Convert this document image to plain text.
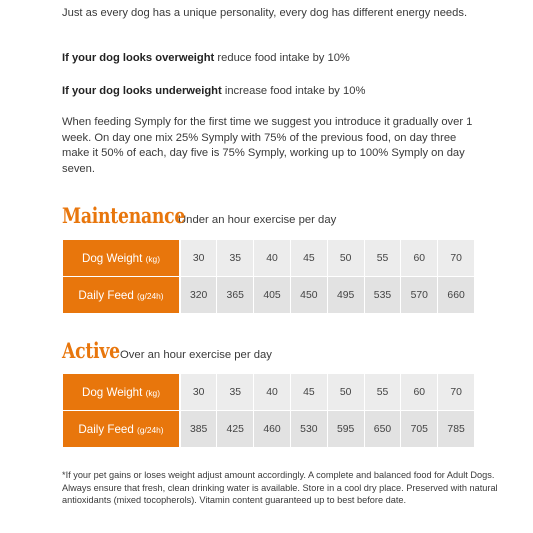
Just as every dog has a unique personality, every dog has different energy needs.

If your dog looks overweight reduce food intake by 10%

If your dog looks underweight increase food intake by 10%

When feeding Symply for the first time we suggest you introduce it gradually over 1 week. On day one mix 25% Symply with 75% of the previous food, on day three make it 50% of each, day five is 75% Symply, working up to 100% Symply on day seven.

Maintenance
Under an hour exercise per day
Dog Weight (kg)	30	35	40	45	50	55	60	70
Daily Feed (g/24h)	320	365	405	450	495	535	570	660
Active Over an hour exercise per day
Dog Weight (kg)	30	35	40	45	50	55	60	70
Daily Feed (g/24h)	385	425	460	530	595	650	705	785

*If your pet gains or loses weight adjust amount accordingly. A complete and balanced food for Adult Dogs. Always ensure that fresh, clean drinking water is available. Store in a cool dry place. Preserved with natural antioxidants (mixed tocopherols). Vitamin content guaranteed up to best before date.
